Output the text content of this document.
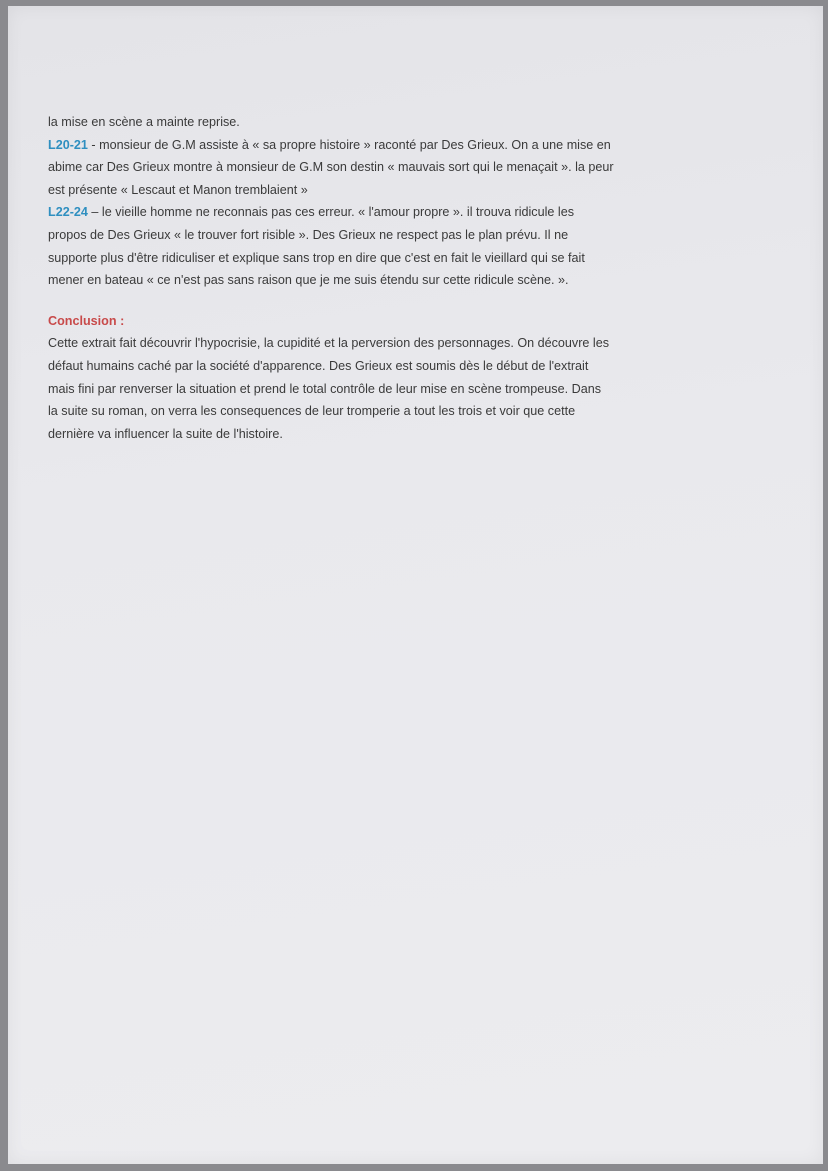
la mise en scène a mainte reprise.
L20-21 - monsieur de G.M assiste à « sa propre histoire » raconté par Des Grieux. On a une mise en
abime car Des Grieux montre à monsieur de G.M son destin « mauvais sort qui le menaçait ». la peur
est présente « Lescaut et Manon tremblaient »
L22-24 – le vieille homme ne reconnais pas ces erreur. « l'amour propre ». il trouva ridicule les
propos de Des Grieux « le trouver fort risible ». Des Grieux ne respect pas le plan prévu. Il ne
supporte plus d'être ridiculiser et explique sans trop en dire que c'est en fait le vieillard qui se fait
mener en bateau « ce n'est pas sans raison que je me suis étendu sur cette ridicule scène. ».

Conclusion :

Cette extrait fait découvrir l'hypocrisie, la cupidité et la perversion des personnages. On découvre les
défaut humains caché par la société d'apparence. Des Grieux est soumis dès le début de l'extrait
mais fini par renverser la situation et prend le total contrôle de leur mise en scène trompeuse. Dans
la suite su roman, on verra les consequences de leur tromperie a tout les trois et voir que cette
dernière va influencer la suite de l'histoire.
